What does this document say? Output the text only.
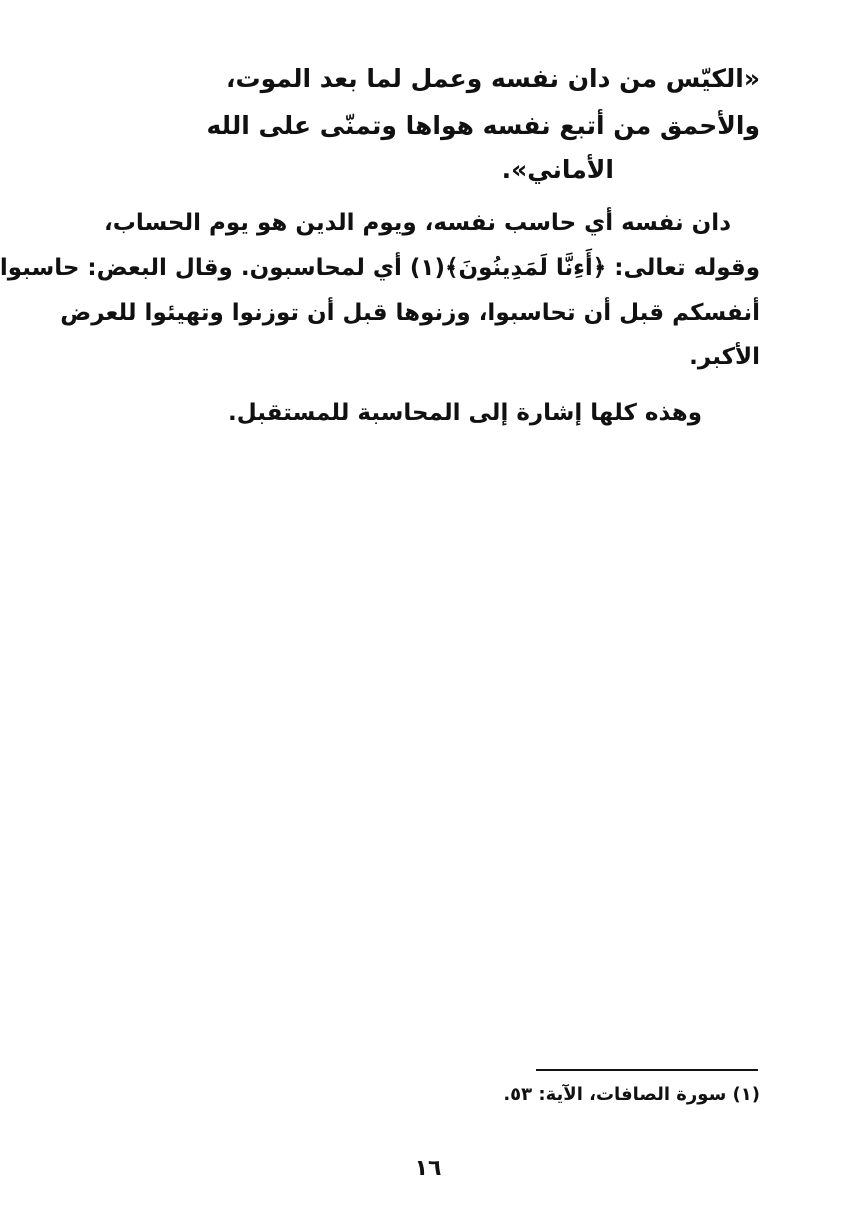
«الكيّس من دان نفسه وعمل لما بعد الموت،
والأحمق من أتبع نفسه هواها وتمنّى على الله
الأماني».
دان نفسه أي حاسب نفسه، ويوم الدين هو يوم الحساب،
وقوله تعالى: ﴿أَءِنَّا لَمَدِينُونَ﴾(١) أي لمحاسبون. وقال البعض: حاسبوا
أنفسكم قبل أن تحاسبوا، وزنوها قبل أن توزنوا وتهيئوا للعرض
الأكبر.
وهذه كلها إشارة إلى المحاسبة للمستقبل.
(١) سورة الصافات، الآية: ٥٣.
١٦
